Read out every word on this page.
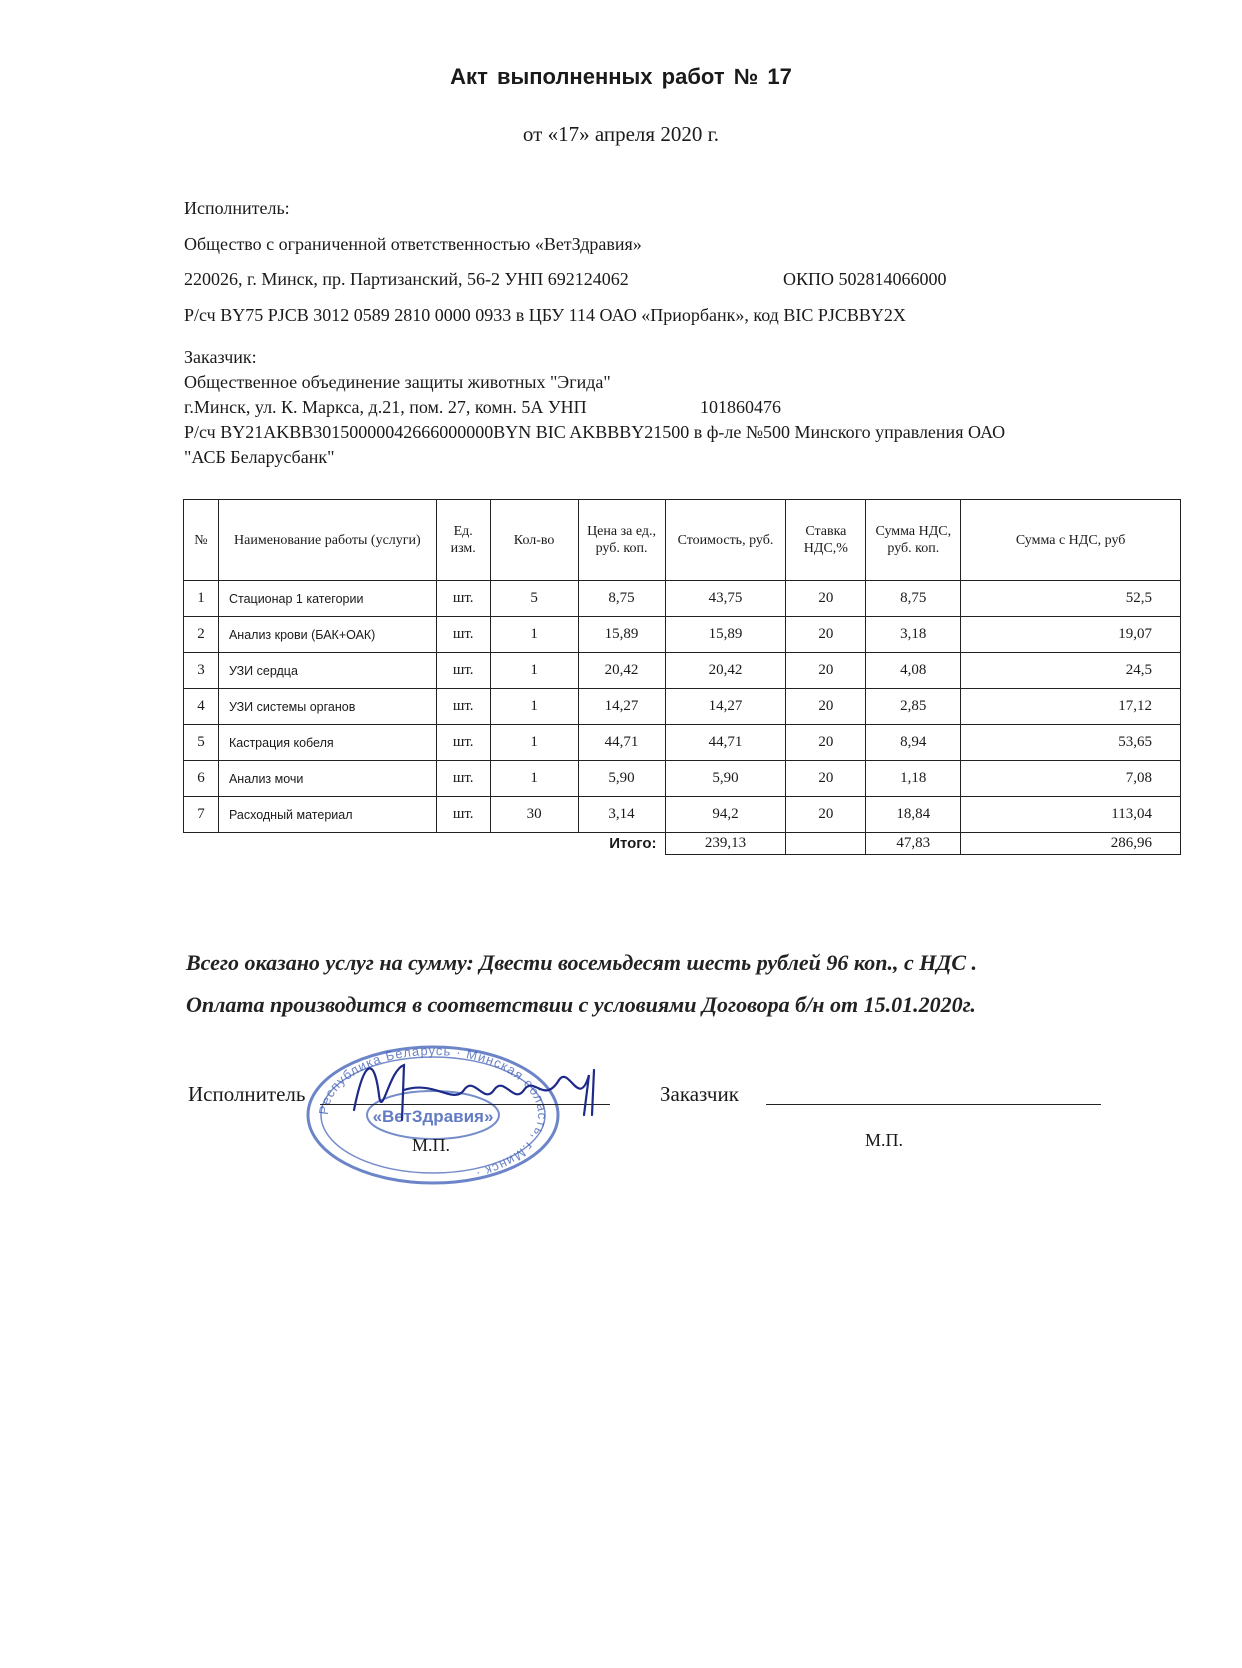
Акт выполненных работ № 17
от «17» апреля 2020 г.
Исполнитель:
Общество с ограниченной ответственностью «ВетЗдравия»
220026, г. Минск, пр. Партизанский, 56-2 УНП 692124062	ОКПО 502814066000
Р/сч BY75 PJCB 3012 0589 2810 0000 0933 в ЦБУ 114 ОАО «Приорбанк», код BIC PJCBBY2X
Заказчик:
Общественное объединение защиты животных "Эгида"
г.Минск, ул. К. Маркса, д.21, пом. 27, комн. 5А УНП	101860476
Р/сч BY21AKBB30150000042666000000BYN BIC AKBBBY21500 в ф-ле №500 Минского управления ОАО
"АСБ Беларусбанк"
№	Наименование работы (услуги)	Ед. изм.	Кол-во	Цена за ед., руб. коп.	Стоимость, руб.	Ставка НДС,%	Сумма НДС, руб. коп.	Сумма с НДС, руб
1	Стационар 1 категории	шт.	5	8,75	43,75	20	8,75	52,5
2	Анализ крови (БАК+ОАК)	шт.	1	15,89	15,89	20	3,18	19,07
3	УЗИ сердца	шт.	1	20,42	20,42	20	4,08	24,5
4	УЗИ системы органов	шт.	1	14,27	14,27	20	2,85	17,12
5	Кастрация кобеля	шт.	1	44,71	44,71	20	8,94	53,65
6	Анализ мочи	шт.	1	5,90	5,90	20	1,18	7,08
7	Расходный материал	шт.	30	3,14	94,2	20	18,84	113,04
				Итого:	239,13		47,83	286,96
Всего оказано услуг на сумму: Двести восемьдесят шесть рублей 96 коп., с НДС .
Оплата производится в соответствии с условиями Договора б/н от 15.01.2020г.
Республика Беларусь · Минская область, г.Минск ·
«ВетЗдравия»
Исполнитель
М.П.
Заказчик
М.П.
